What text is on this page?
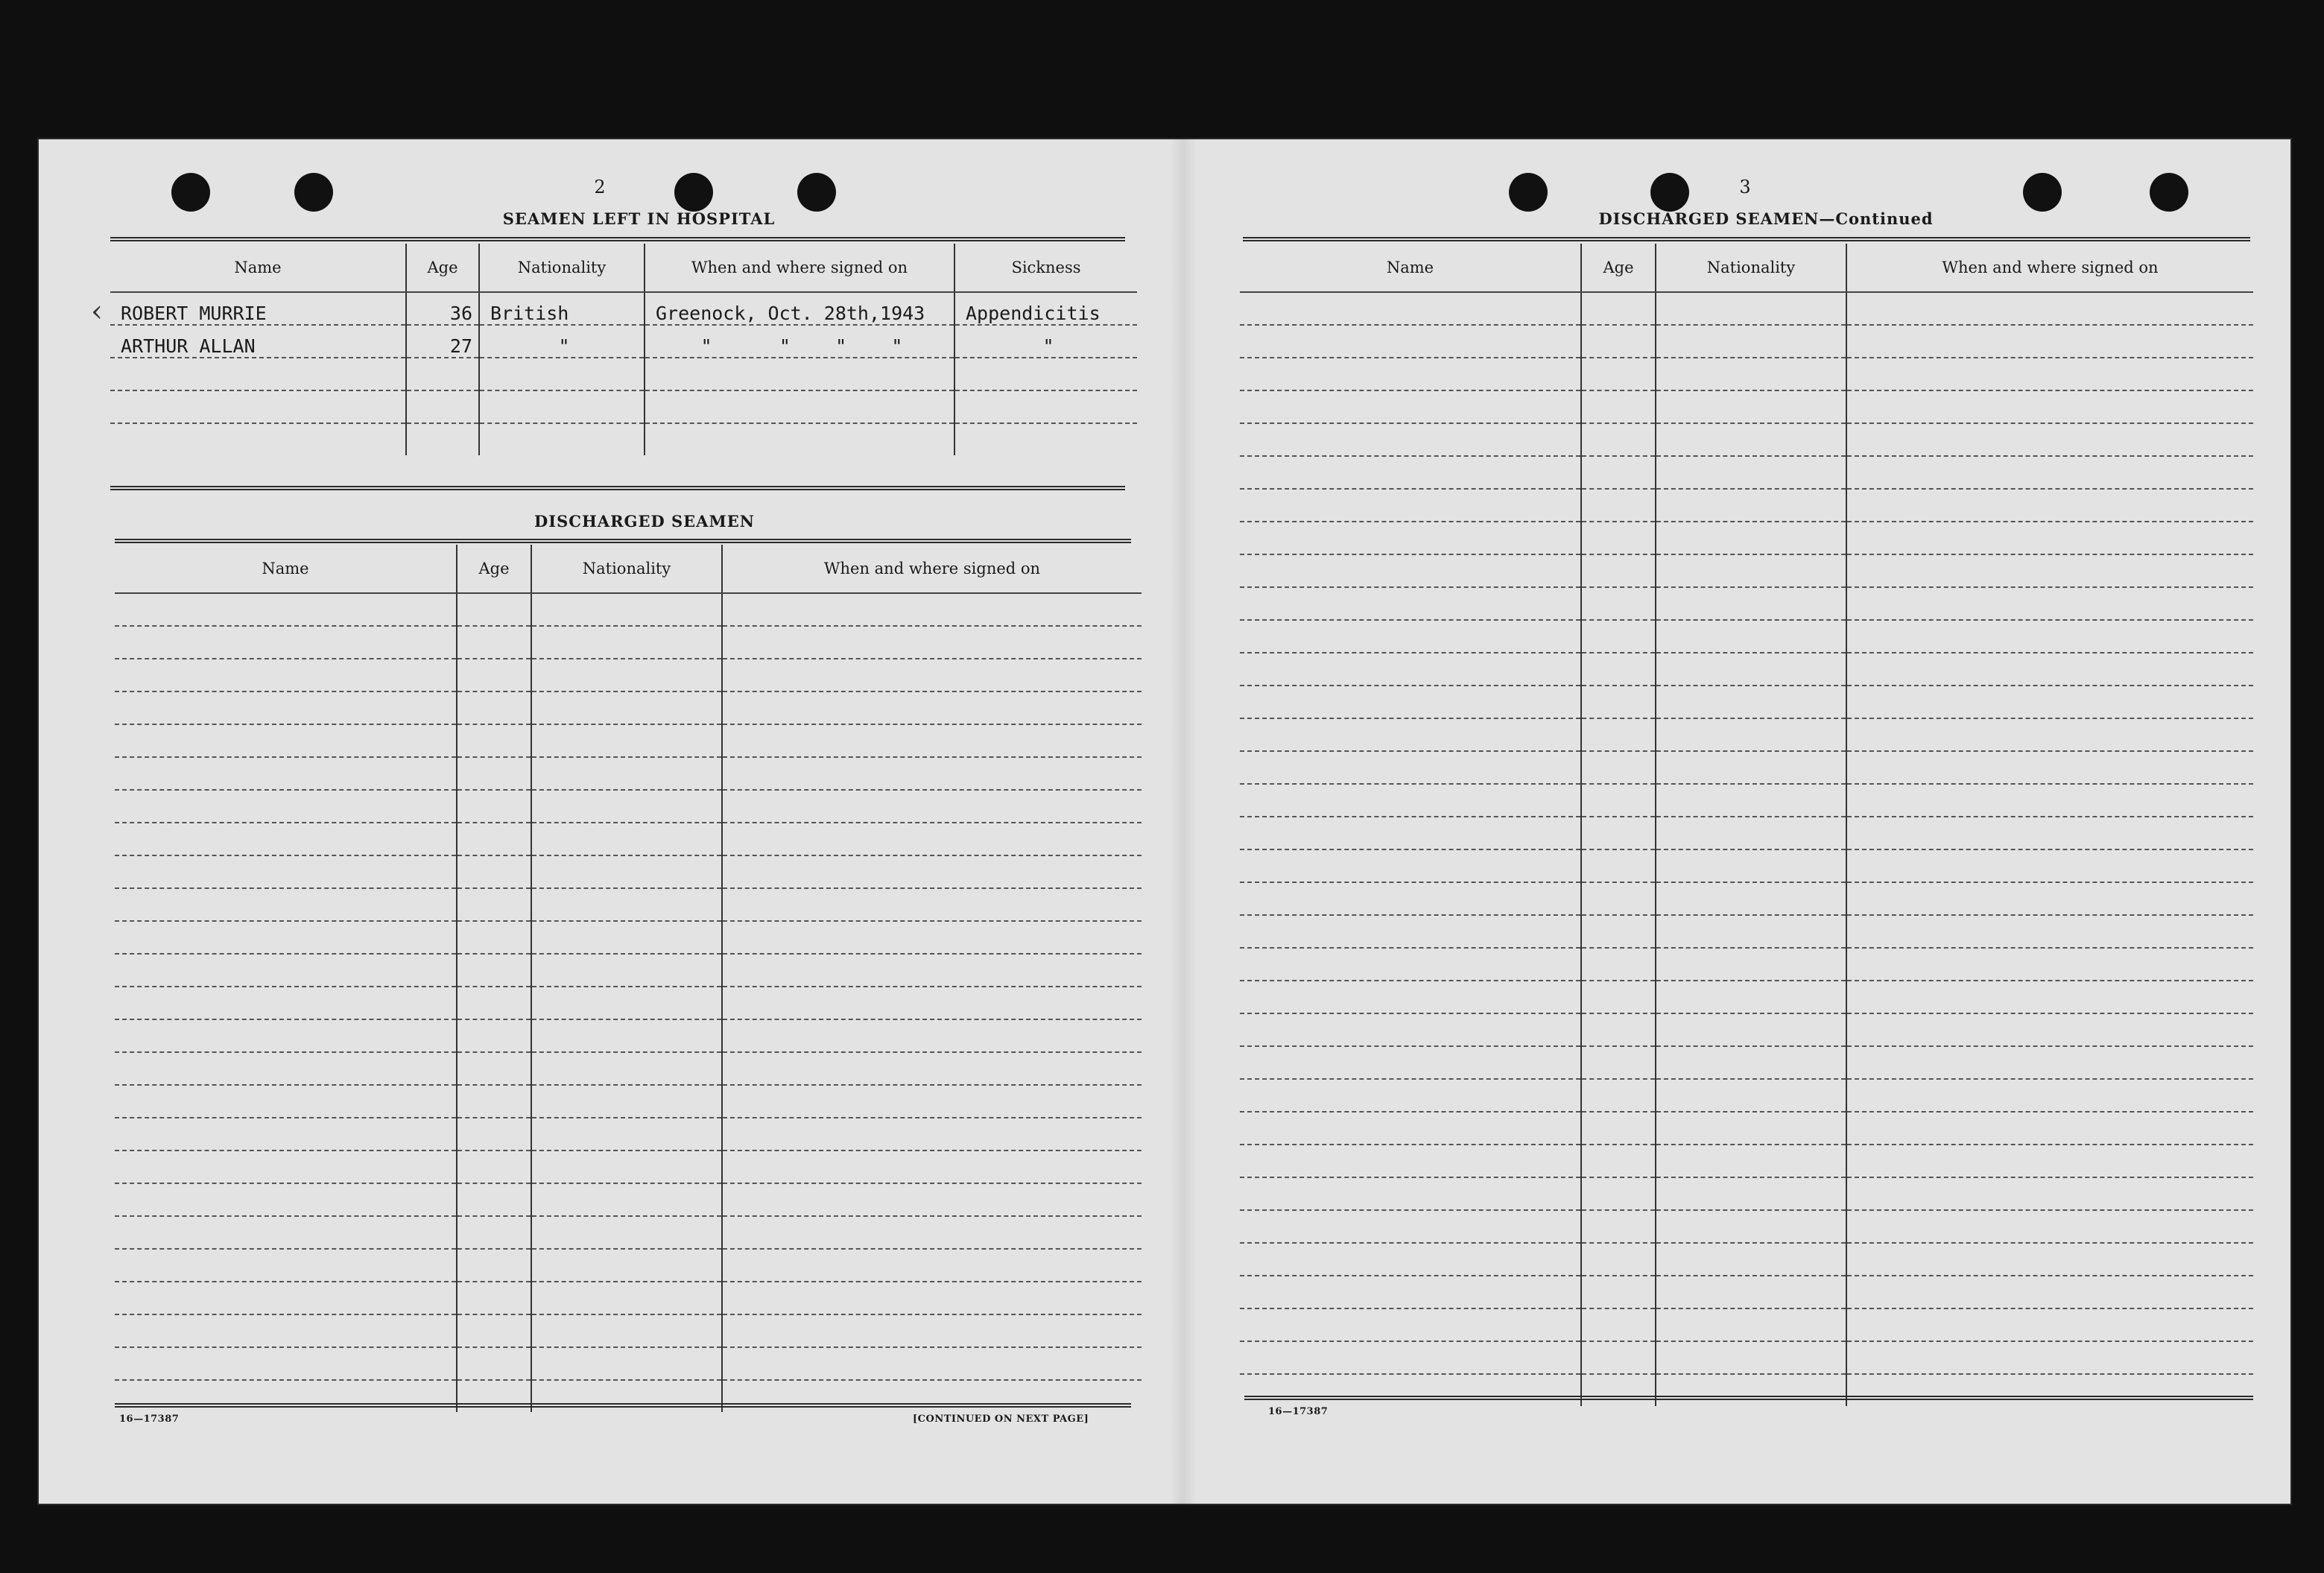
2
SEAMEN LEFT IN HOSPITAL
‹
Name	Age	Nationality	When and where signed on	Sickness
ROBERT MURRIE	36	British	Greenock, Oct. 28th,1943	Appendicitis
ARTHUR ALLAN	27	"	"      "    "    "	"

DISCHARGED SEAMEN
Name	Age	Nationality	When and where signed on

16—17387	[CONTINUED ON NEXT PAGE]
3
DISCHARGED SEAMEN—Continued
Name	Age	Nationality	When and where signed on

16—17387
